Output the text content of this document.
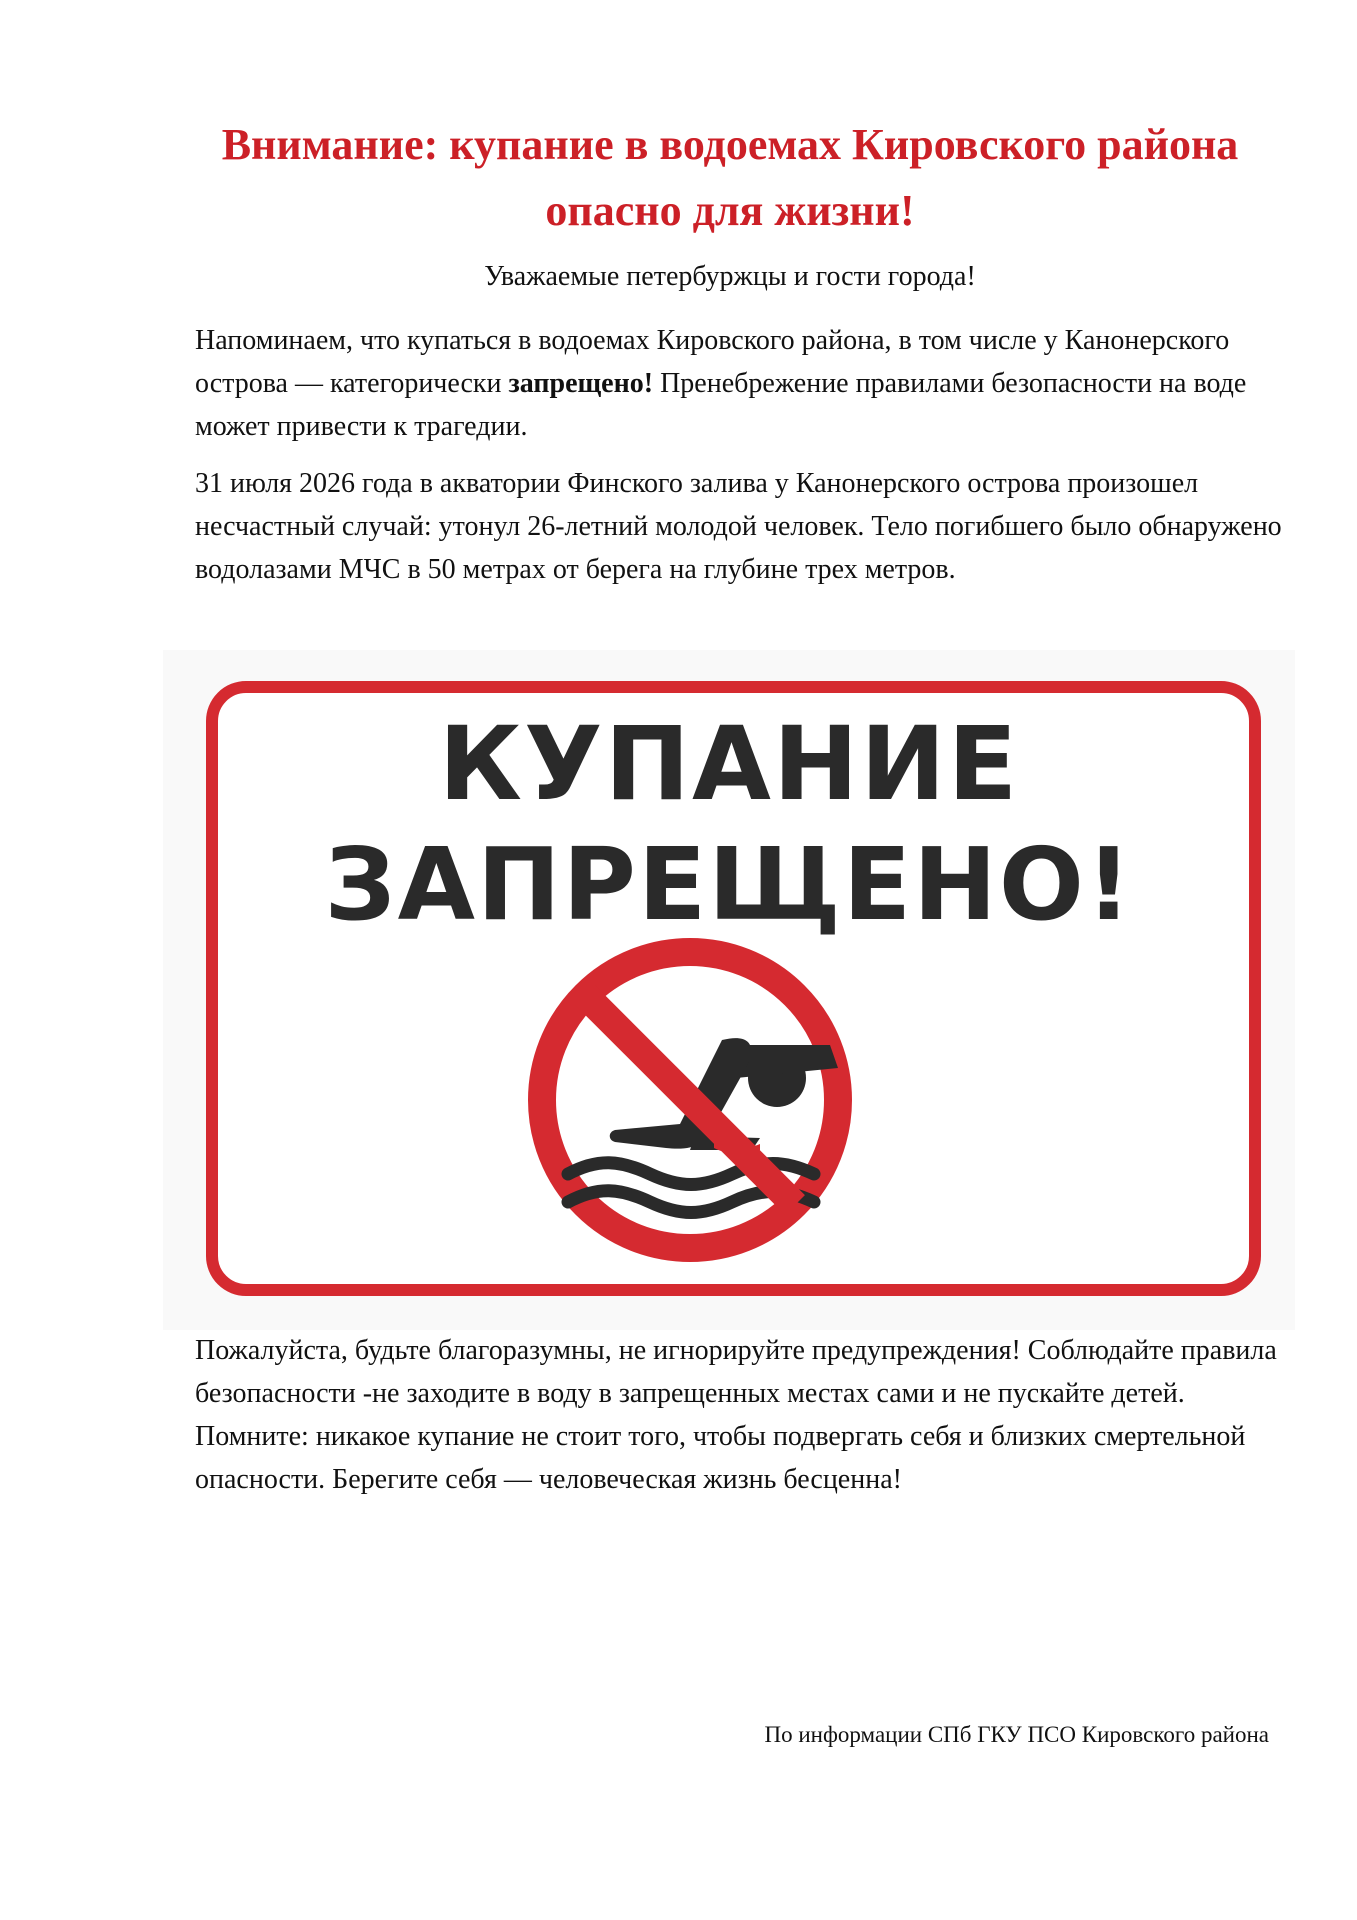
Внимание: купание в водоемах Кировского района опасно для жизни!

Уважаемые петербуржцы и гости города!

Напоминаем, что купаться в водоемах Кировского района, в том числе у Канонерского острова — категорически запрещено! Пренебрежение правилами безопасности на воде может привести к трагедии.

31 июля 2026 года в акватории Финского залива у Канонерского острова произошел несчастный случай: утонул 26-летний молодой человек. Тело погибшего было обнаружено водолазами МЧС в 50 метрах от берега на глубине трех метров.

КУПАНИЕ

ЗАПРЕЩЕНО!

Пожалуйста, будьте благоразумны, не игнорируйте предупреждения! Соблюдайте правила безопасности -не заходите в воду в запрещенных местах сами и не пускайте детей. Помните: никакое купание не стоит того, чтобы подвергать себя и близких смертельной опасности. Берегите себя — человеческая жизнь бесценна!

По информации СПб ГКУ ПСО Кировского района
